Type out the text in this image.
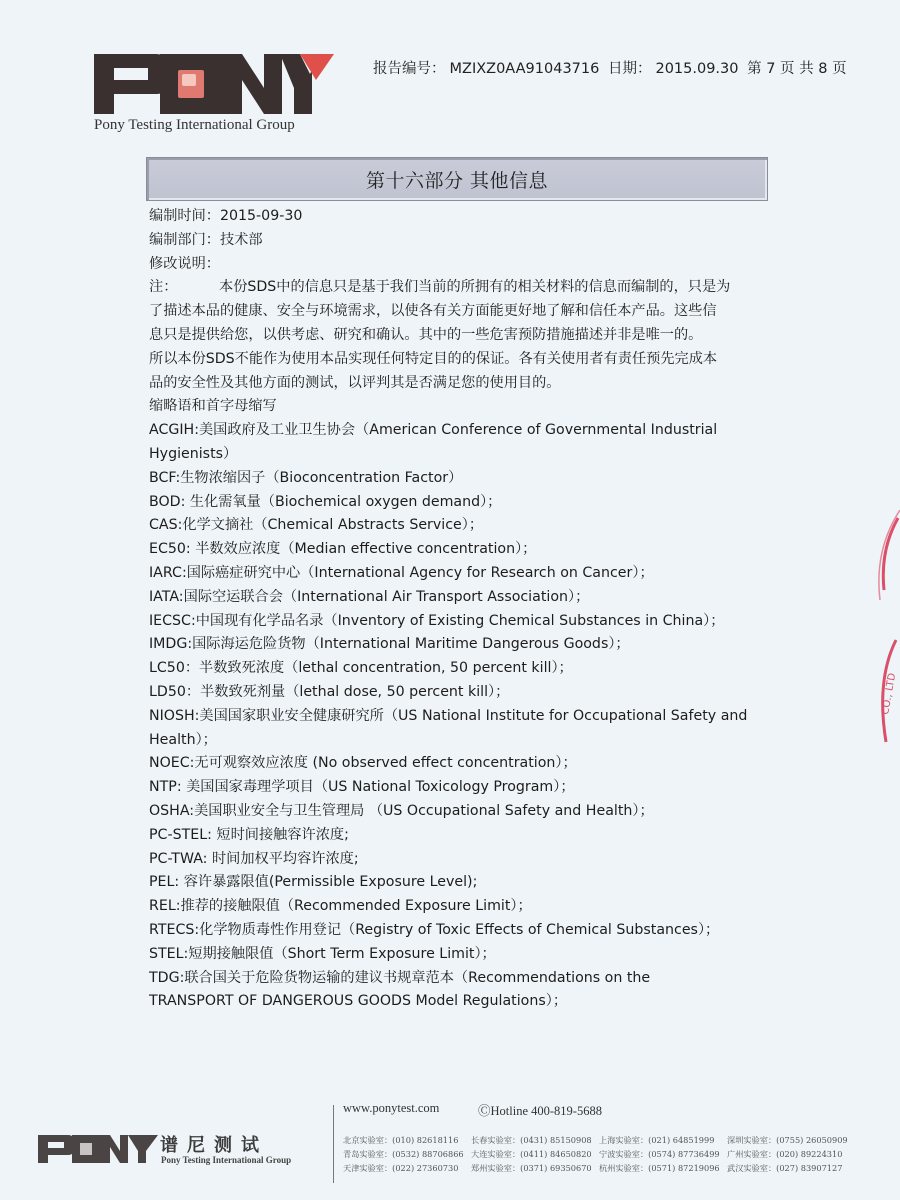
Pony Testing International Group
报告编号： MZIXZ0AA91043716 日期： 2015.09.30 第 7 页 共 8 页
第十六部分 其他信息
编制时间：2015-09-30
编制部门：技术部
修改说明：
注：	本份SDS中的信息只是基于我们当前的所拥有的相关材料的信息而编制的，只是为
了描述本品的健康、安全与环境需求，以使各有关方面能更好地了解和信任本产品。这些信
息只是提供给您，以供考虑、研究和确认。其中的一些危害预防措施描述并非是唯一的。
所以本份SDS不能作为使用本品实现任何特定目的的保证。各有关使用者有责任预先完成本
品的安全性及其他方面的测试，以评判其是否满足您的使用目的。
缩略语和首字母缩写
ACGIH:美国政府及工业卫生协会（American Conference of Governmental Industrial
Hygienists）
BCF:生物浓缩因子（Bioconcentration Factor）
BOD: 生化需氧量（Biochemical oxygen demand）；
CAS:化学文摘社（Chemical Abstracts Service）；
EC50: 半数效应浓度（Median effective concentration）；
IARC:国际癌症研究中心（International Agency for Research on Cancer）；
IATA:国际空运联合会（International Air Transport Association）；
IECSC:中国现有化学品名录（Inventory of Existing Chemical Substances in China）；
IMDG:国际海运危险货物（International Maritime Dangerous Goods）；
LC50：半数致死浓度（lethal concentration, 50 percent kill）；
LD50：半数致死剂量（lethal dose, 50 percent kill）；
NIOSH:美国国家职业安全健康研究所（US National Institute for Occupational Safety and
Health）；
NOEC:无可观察效应浓度 (No observed effect concentration）；
NTP: 美国国家毒理学项目（US National Toxicology Program）；
OSHA:美国职业安全与卫生管理局 （US Occupational Safety and Health）；
PC-STEL: 短时间接触容许浓度;
PC-TWA: 时间加权平均容许浓度;
PEL: 容许暴露限值(Permissible Exposure Level);
REL:推荐的接触限值（Recommended Exposure Limit）；
RTECS:化学物质毒性作用登记（Registry of Toxic Effects of Chemical Substances）；
STEL:短期接触限值（Short Term Exposure Limit）；
TDG:联合国关于危险货物运输的建议书规章范本（Recommendations on the
TRANSPORT OF DANGEROUS GOODS Model Regulations）；
CO., LTD
谱尼测试
Pony Testing International Group
www.ponytest.com	ⒸHotline 400-819-5688
北京实验室：(010) 82618116	长春实验室：(0431) 85150908 上海实验室：(021) 64851999	深圳实验室：(0755) 26050909
青岛实验室：(0532) 88706866 大连实验室：(0411) 84650820 宁波实验室：(0574) 87736499 广州实验室：(020) 89224310
天津实验室：(022) 27360730	郑州实验室：(0371) 69350670 杭州实验室：(0571) 87219096 武汉实验室：(027) 83907127
